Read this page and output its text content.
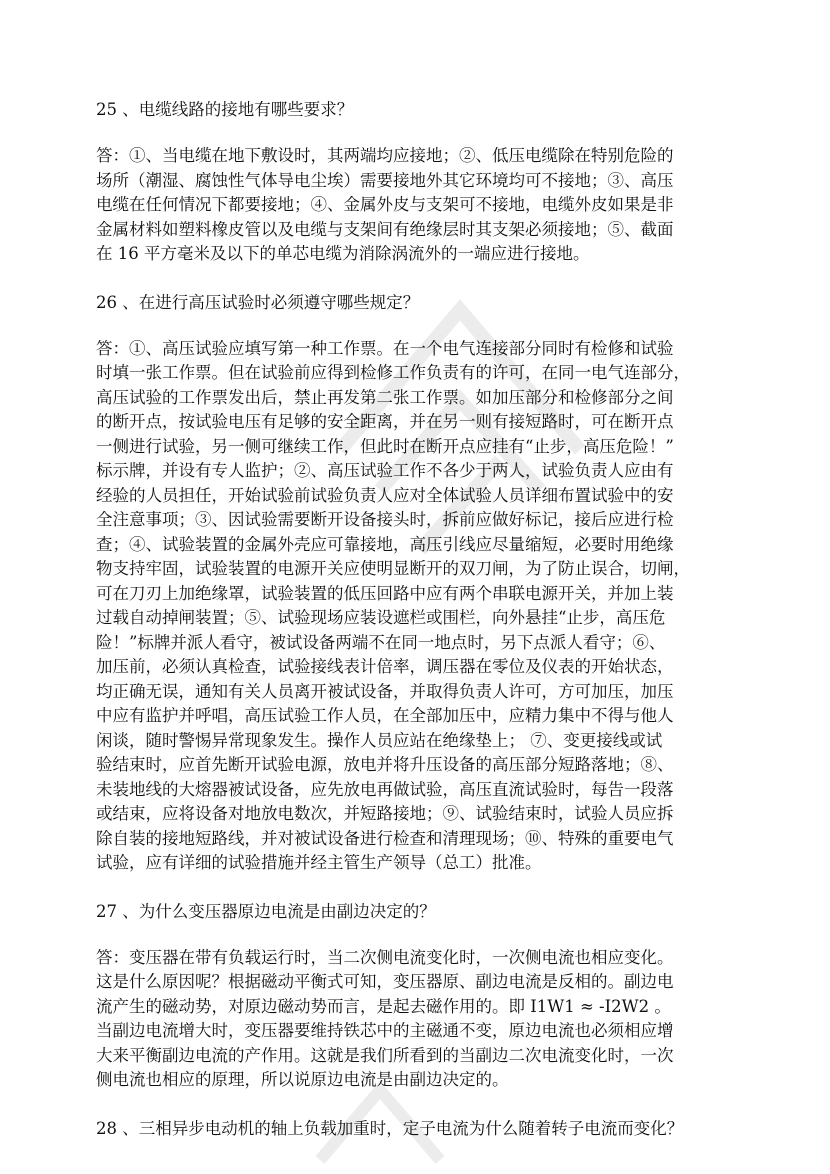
25 、电缆线路的接地有哪些要求？
答：①、当电缆在地下敷设时，其两端均应接地；②、低压电缆除在特别危险的
场所（潮湿、腐蚀性气体导电尘埃）需要接地外其它环境均可不接地；③、高压
电缆在任何情况下都要接地；④、金属外皮与支架可不接地，电缆外皮如果是非
金属材料如塑料橡皮管以及电缆与支架间有绝缘层时其支架必须接地；⑤、截面
在 16 平方毫米及以下的单芯电缆为消除涡流外的一端应进行接地。
26 、在进行高压试验时必须遵守哪些规定？
答：①、高压试验应填写第一种工作票。在一个电气连接部分同时有检修和试验
时填一张工作票。但在试验前应得到检修工作负责有的许可，在同一电气连部分，
高压试验的工作票发出后，禁止再发第二张工作票。如加压部分和检修部分之间
的断开点，按试验电压有足够的安全距离，并在另一则有接短路时，可在断开点
一侧进行试验，另一侧可继续工作，但此时在断开点应挂有“止步，高压危险！”
标示牌，并设有专人监护；②、高压试验工作不各少于两人，试验负责人应由有
经验的人员担任，开始试验前试验负责人应对全体试验人员详细布置试验中的安
全注意事项；③、因试验需要断开设备接头时，拆前应做好标记，接后应进行检
查；④、试验装置的金属外壳应可靠接地，高压引线应尽量缩短，必要时用绝缘
物支持牢固，试验装置的电源开关应使明显断开的双刀闸，为了防止误合，切闸，
可在刀刃上加绝缘罩，试验装置的低压回路中应有两个串联电源开关，并加上装
过载自动掉闸装置；⑤、试验现场应装设遮栏或围栏，向外悬挂“止步，高压危
险！”标牌并派人看守，被试设备两端不在同一地点时，另下点派人看守；⑥、
加压前，必须认真检查，试验接线表计倍率，调压器在零位及仪表的开始状态，
均正确无误，通知有关人员离开被试设备，并取得负责人许可，方可加压，加压
中应有监护并呼唱，高压试验工作人员，在全部加压中，应精力集中不得与他人
闲谈，随时警惕异常现象发生。操作人员应站在绝缘垫上； ⑦、变更接线或试
验结束时，应首先断开试验电源，放电并将升压设备的高压部分短路落地；⑧、
未装地线的大熔器被试设备，应先放电再做试验，高压直流试验时，每告一段落
或结束，应将设备对地放电数次，并短路接地；⑨、试验结束时，试验人员应拆
除自装的接地短路线，并对被试设备进行检查和清理现场；⑩、特殊的重要电气
试验，应有详细的试验措施并经主管生产领导（总工）批准。
27 、为什么变压器原边电流是由副边决定的？
答：变压器在带有负载运行时，当二次侧电流变化时，一次侧电流也相应变化。
这是什么原因呢？根据磁动平衡式可知，变压器原、副边电流是反相的。副边电
流产生的磁动势，对原边磁动势而言，是起去磁作用的。即 I1W1 ≈ -I2W2 。
当副边电流增大时，变压器要维持铁芯中的主磁通不变，原边电流也必须相应增
大来平衡副边电流的产作用。这就是我们所看到的当副边二次电流变化时，一次
侧电流也相应的原理，所以说原边电流是由副边决定的。
28 、三相异步电动机的轴上负载加重时，定子电流为什么随着转子电流而变化？
